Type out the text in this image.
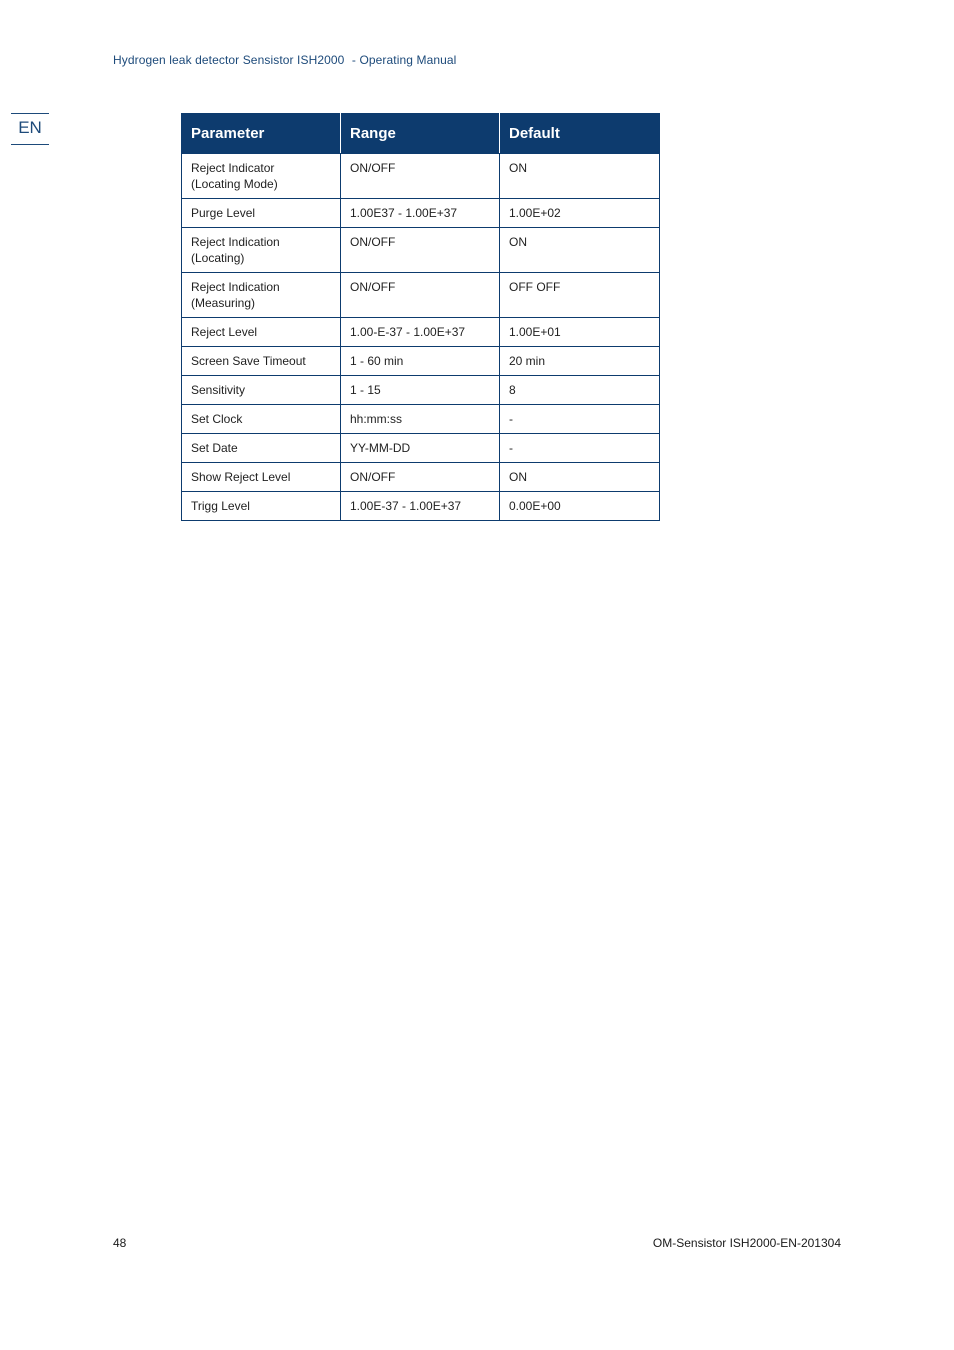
Hydrogen leak detector Sensistor ISH2000 - Operating Manual
EN	Parameter	Range	Default
Reject Indicator
(Locating Mode)	ON/OFF	ON
Purge Level	1.00E37 - 1.00E+37	1.00E+02
Reject Indication
(Locating)	ON/OFF	ON
Reject Indication
(Measuring)	ON/OFF	OFF OFF
Reject Level	1.00-E-37 - 1.00E+37	1.00E+01
Screen Save Timeout	1 - 60 min	20 min
Sensitivity	1 - 15	8
Set Clock	hh:mm:ss	-
Set Date	YY-MM-DD	-
Show Reject Level	ON/OFF	ON
Trigg Level	1.00E-37 - 1.00E+37	0.00E+00
48	OM-Sensistor ISH2000-EN-201304
